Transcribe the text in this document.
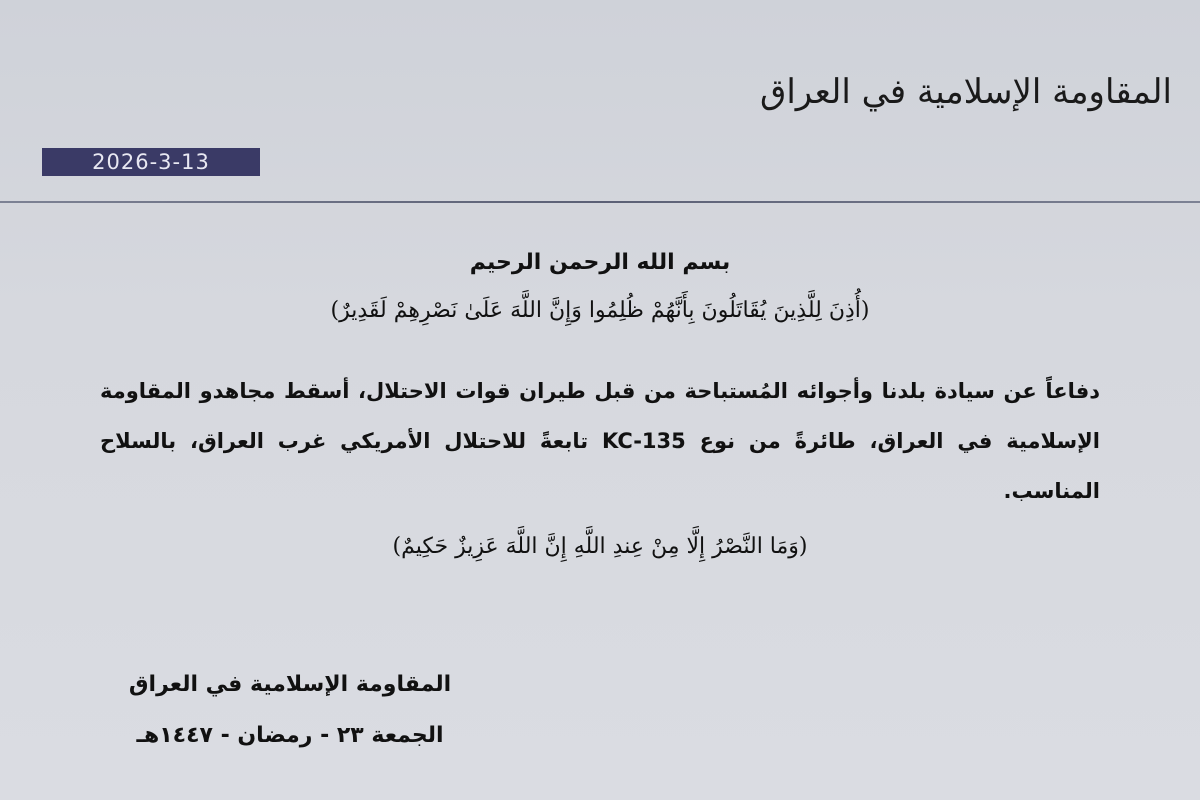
المقاومة الإسلامية في العراق
2026-3-13
بسم الله الرحمن الرحيم
(أُذِنَ لِلَّذِينَ يُقَاتَلُونَ بِأَنَّهُمْ ظُلِمُوا وَإِنَّ اللَّهَ عَلَىٰ نَصْرِهِمْ لَقَدِيرٌ)
دفاعاً عن سيادة بلدنا وأجوائه المُستباحة من قبل طيران قوات الاحتلال، أسقط مجاهدو المقاومة الإسلامية في العراق، طائرةً من نوع KC-135 تابعةً للاحتلال الأمريكي غرب العراق، بالسلاح المناسب.
(وَمَا النَّصْرُ إِلَّا مِنْ عِندِ اللَّهِ إِنَّ اللَّهَ عَزِيزٌ حَكِيمٌ)
المقاومة الإسلامية في العراق
الجمعة ٢٣ - رمضان - ١٤٤٧هـ
